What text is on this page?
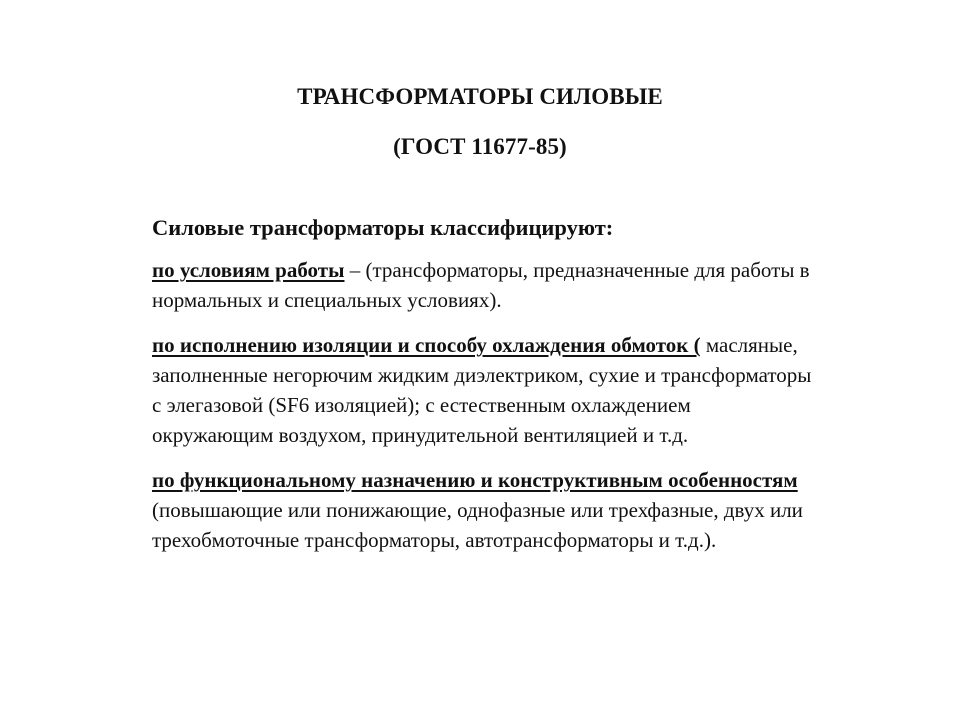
ТРАНСФОРМАТОРЫ СИЛОВЫЕ
(ГОСТ 11677-85)

Силовые трансформаторы классифицируют:

по условиям работы – (трансформаторы, предназначенные для работы в нормальных и специальных условиях).

по исполнению изоляции и способу охлаждения обмоток ( масляные, заполненные негорючим жидким диэлектриком, сухие и трансформаторы с элегазовой (SF6 изоляцией); с естественным охлаждением окружающим воздухом, принудительной вентиляцией и т.д.

по функциональному назначению и конструктивным особенностям (повышающие или понижающие, однофазные или трехфазные, двух или трехобмоточные трансформаторы, автотрансформаторы и т.д.).
